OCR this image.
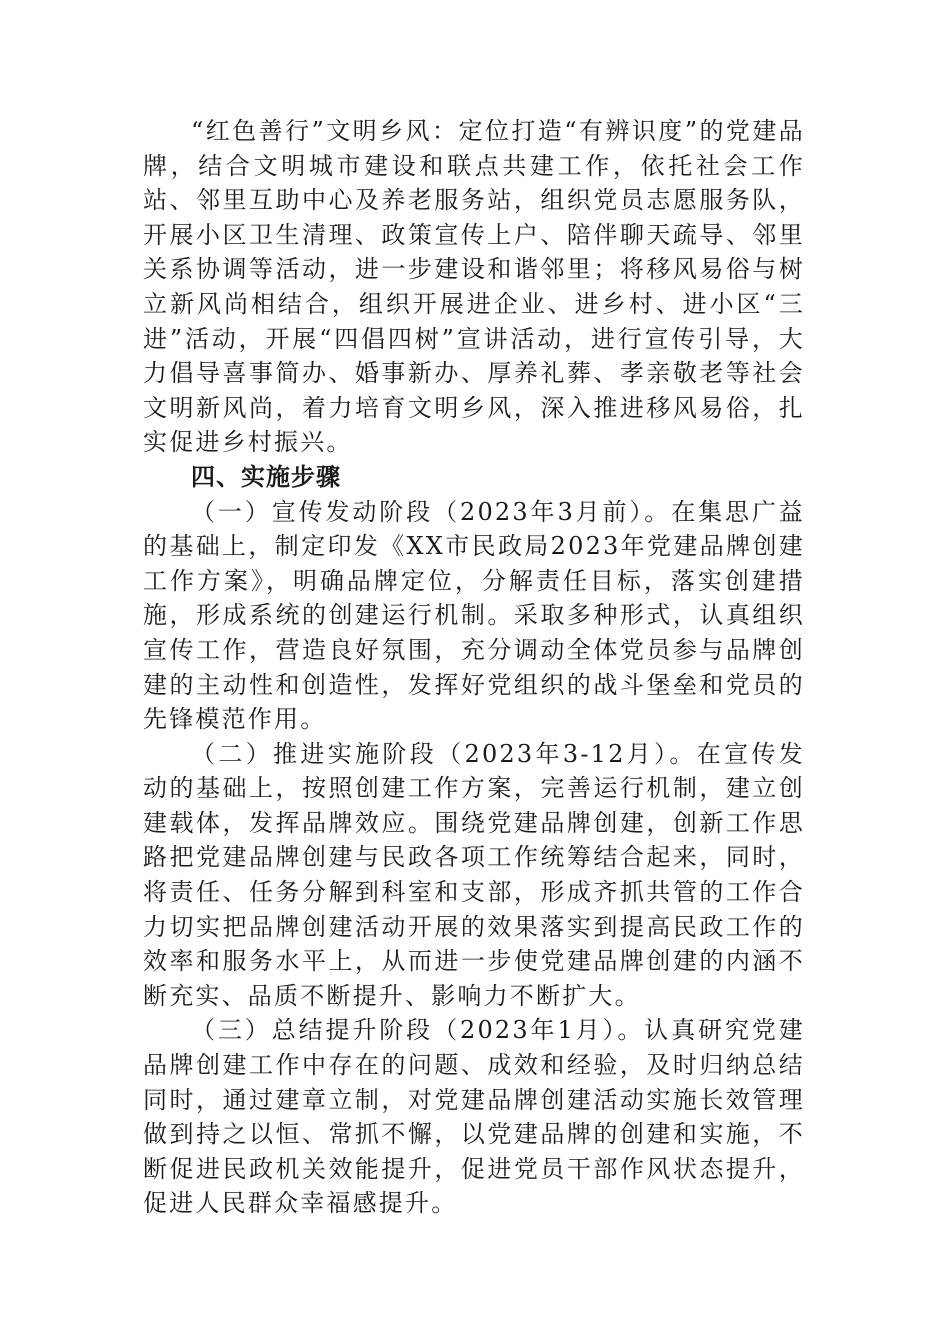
“红色善行”文明乡风：定位打造“有辨识度”的党建品牌，结合文明城市建设和联点共建工作，依托社会工作站、邻里互助中心及养老服务站，组织党员志愿服务队，开展小区卫生清理、政策宣传上户、陪伴聊天疏导、邻里关系协调等活动，进一步建设和谐邻里；将移风易俗与树立新风尚相结合，组织开展进企业、进乡村、进小区“三进”活动，开展“四倡四树”宣讲活动，进行宣传引导，大力倡导喜事简办、婚事新办、厚养礼葬、孝亲敬老等社会文明新风尚，着力培育文明乡风，深入推进移风易俗，扎实促进乡村振兴。

四、实施步骤

（一）宣传发动阶段（2023年3月前）。在集思广益的基础上，制定印发《XX市民政局2023年党建品牌创建工作方案》，明确品牌定位，分解责任目标，落实创建措施，形成系统的创建运行机制。采取多种形式，认真组织宣传工作，营造良好氛围，充分调动全体党员参与品牌创建的主动性和创造性，发挥好党组织的战斗堡垒和党员的先锋模范作用。

（二）推进实施阶段（2023年3-12月）。在宣传发动的基础上，按照创建工作方案，完善运行机制，建立创建载体，发挥品牌效应。围绕党建品牌创建，创新工作思路把党建品牌创建与民政各项工作统筹结合起来，同时，将责任、任务分解到科室和支部，形成齐抓共管的工作合力切实把品牌创建活动开展的效果落实到提高民政工作的效率和服务水平上，从而进一步使党建品牌创建的内涵不断充实、品质不断提升、影响力不断扩大。

（三）总结提升阶段（2023年1月）。认真研究党建品牌创建工作中存在的问题、成效和经验，及时归纳总结同时，通过建章立制，对党建品牌创建活动实施长效管理做到持之以恒、常抓不懈，以党建品牌的创建和实施，不断促进民政机关效能提升，促进党员干部作风状态提升，促进人民群众幸福感提升。
